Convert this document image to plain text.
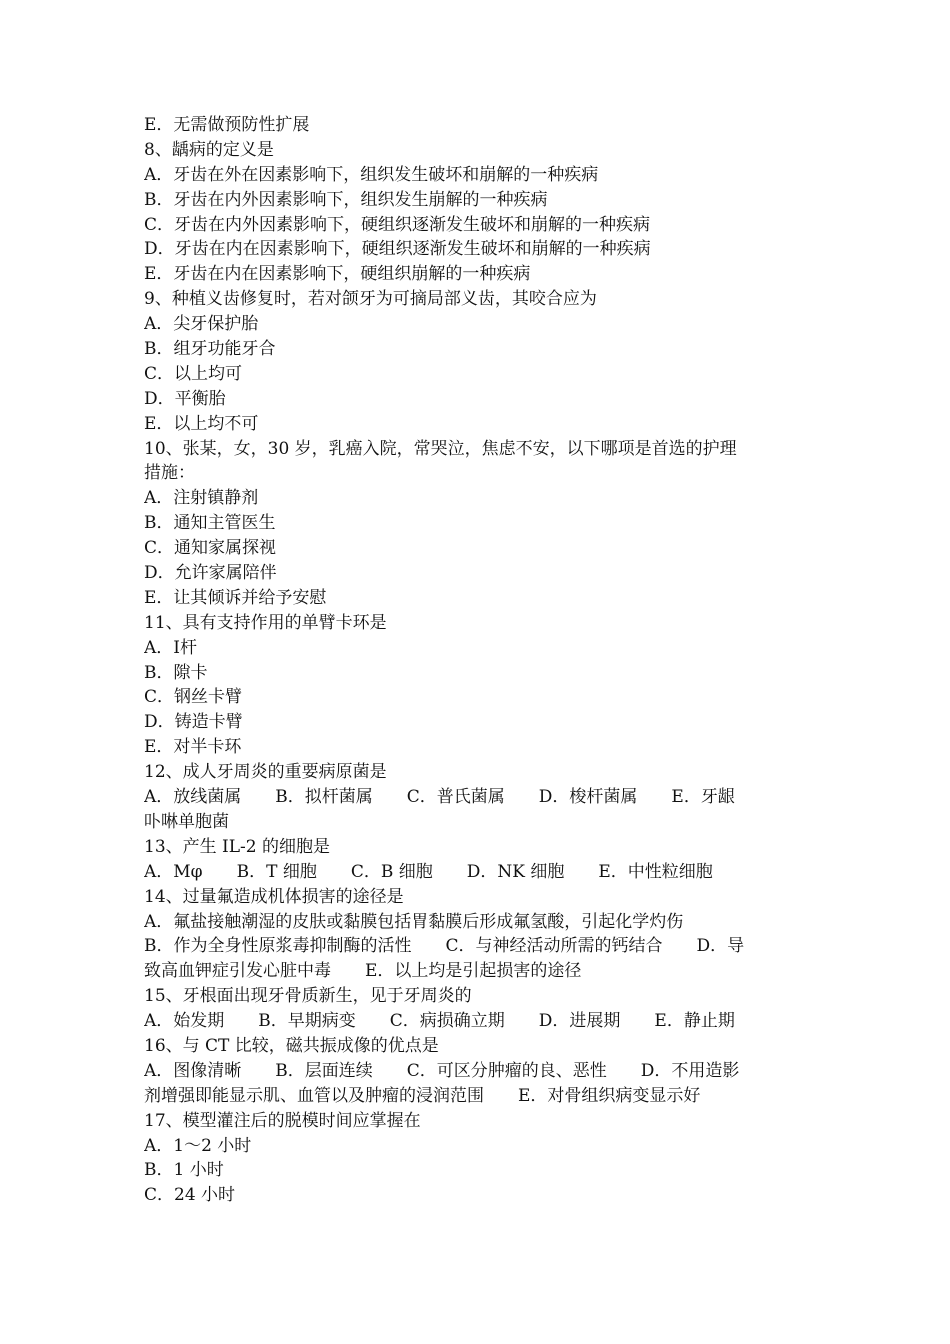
E．无需做预防性扩展
8、龋病的定义是
A．牙齿在外在因素影响下，组织发生破坏和崩解的一种疾病
B．牙齿在内外因素影响下，组织发生崩解的一种疾病
C．牙齿在内外因素影响下，硬组织逐渐发生破坏和崩解的一种疾病
D．牙齿在内在因素影响下，硬组织逐渐发生破坏和崩解的一种疾病
E．牙齿在内在因素影响下，硬组织崩解的一种疾病
9、种植义齿修复时，若对颌牙为可摘局部义齿，其咬合应为
A．尖牙保护胎
B．组牙功能牙合
C．以上均可
D．平衡胎
E．以上均不可
10、张某，女，30 岁，乳癌入院，常哭泣，焦虑不安，以下哪项是首选的护理
措施：
A．注射镇静剂
B．通知主管医生
C．通知家属探视
D．允许家属陪伴
E．让其倾诉并给予安慰
11、具有支持作用的单臂卡环是
A．Ⅰ杆
B．隙卡
C．钢丝卡臂
D．铸造卡臂
E．对半卡环
12、成人牙周炎的重要病原菌是
A．放线菌属　　B．拟杆菌属　　C．普氏菌属　　D．梭杆菌属　　E．牙龈
卟啉单胞菌
13、产生 IL-2 的细胞是
A．Mφ　　B．T 细胞　　C．B 细胞　　D．NK 细胞　　E．中性粒细胞
14、过量氟造成机体损害的途径是
A．氟盐接触潮湿的皮肤或黏膜包括胃黏膜后形成氟氢酸，引起化学灼伤
B．作为全身性原浆毒抑制酶的活性　　C．与神经活动所需的钙结合　　D．导
致高血钾症引发心脏中毒　　E．以上均是引起损害的途径
15、牙根面出现牙骨质新生，见于牙周炎的
A．始发期　　B．早期病变　　C．病损确立期　　D．进展期　　E．静止期
16、与 CT 比较，磁共振成像的优点是
A．图像清晰　　B．层面连续　　C．可区分肿瘤的良、恶性　　D．不用造影
剂增强即能显示肌、血管以及肿瘤的浸润范围　　E．对骨组织病变显示好
17、模型灌注后的脱模时间应掌握在
A．1～2 小时
B．1 小时
C．24 小时
